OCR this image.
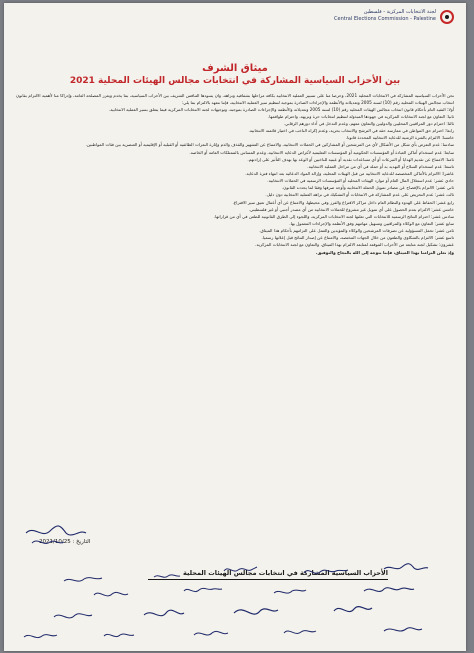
لجنة الانتخابات المركزية - فلسطين
Central Elections Commission - Palestine
ميثاق الشرف
بين الأحزاب السياسية المشاركة في انتخابات مجالس الهيئات المحلية 2021

نحن الأحزاب السياسية المشاركة في الانتخابات المحلية 2021، وحرصا منا على تسيير العملية الانتخابية بكافة مراحلها بشفافية ونزاهة، وان يسودها التنافس الشريف بين الأحزاب السياسية، بما يخدم ويعزز المصلحة العامة، وإدراكا منا لأهمية الالتزام بقانون انتخاب مجالس الهيئات المحلية رقم (10) لسنة 2005 وتعديلاته والأنظمة والإجراءات الصادرة بموجبه لتنظيم سير العملية الانتخابية، فإننا نتعهد بالالتزام بما يلي:

أولا: التقيد التام بأحكام قانون انتخاب مجالس الهيئات المحلية رقم (10) لسنة 2005 وتعديلاته والأنظمة والإجراءات الصادرة بموجبه، وتوجيهات لجنة الانتخابات المركزية فيما يتعلق بسير العملية الانتخابية.

ثانيا: التعاون مع لجنة الانتخابات المركزية في جهودها المبذولة لتنظيم انتخابات حرة ونزيهة، واحترام طواقمها.

ثالثا: احترام دور المراقبين المحليين والدوليين والتعاون معهم، وعدم التدخل في أداء دورهم الرقابي.

رابعا: احترام حق المواطن في ممارسة حقه في الترشح والانتخاب بحرية، وعدم إكراه الناخب في اختيار قائمته الانتخابية.

خامسا: الالتزام بالفترة الزمنية للدعاية الانتخابية المحددة قانونا.

سادسا: عدم التعرض بأي شكل من الأشكال لأي من المرشحين أو المشاركين في الحملات الانتخابية، والامتناع عن التشهير والقذف والذم وإثارة النعرات الطائفية أو القبلية أو الإقليمية أو العنصرية بين فئات المواطنين.

سابعا: عدم استخدام أماكن العبادة أو المؤسسات الحكومية أو المؤسسات التعليمية لأغراض الدعاية الانتخابية، وعدم المساس بالممتلكات العامة أو الخاصة.

ثامنا: الامتناع عن تقديم الهدايا أو التبرعات أو أي مساعدات نقدية أو عينية للناخبين أو الوعد بها بهدف التأثير على إرادتهم.

تاسعا: عدم استخدام السلاح أو التهديد به أو حمله في أي من مراحل العملية الانتخابية.

عاشرا: الالتزام بالأماكن المخصصة للدعاية الانتخابية من قبل الهيئات المحلية، وإزالة المواد الدعائية بعد انتهاء فترة الدعاية.

حادي عشر: عدم استغلال المال العام أو موارد الهيئات المحلية أو المؤسسات الرسمية في الحملات الانتخابية.

ثاني عشر: الالتزام بالإفصاح عن مصادر تمويل الحملة الانتخابية وأوجه صرفها وفقا لما يحدده القانون.

ثالث عشر: عدم التحريض على عدم المشاركة في الانتخابات أو التشكيك في نزاهة العملية الانتخابية دون دليل.

رابع عشر: الحفاظ على الهدوء والنظام العام داخل مراكز الاقتراع والفرز وفي محيطها، والامتناع عن أي أعمال تعيق سير الاقتراع.

خامس عشر: الالتزام بعدم الحصول على أي تمويل غير مشروع للحملات الانتخابية من أي مصدر أجنبي أو غير فلسطيني.

سادس عشر: احترام النتائج الرسمية للانتخابات التي تعلنها لجنة الانتخابات المركزية، واللجوء إلى الطرق القانونية للطعن في أي من قراراتها.

سابع عشر: التعاون مع الوكلاء والمراقبين وتسهيل مهامهم وفق الأنظمة والإجراءات المعمول بها.

ثامن عشر: تحمل المسؤولية عن تصرفات المرشحين والوكلاء والمؤيدين والعمل على التزامهم بأحكام هذا الميثاق.

تاسع عشر: الالتزام بالشكاوى والطعون من خلال الجهات المختصة، والامتناع عن إصدار النتائج قبل إعلانها رسميا.

عشرون: تشكيل لجنة متابعة من الأحزاب الموقعة لمتابعة الالتزام بهذا الميثاق، والتعاون مع لجنة الانتخابات المركزية.

وإذ نعلن التزامنا بهذا الميثاق، فإننا نتوجه إلى الله بالنجاح والتوفيق.

التاريخ : 2021/10/25
الأحزاب السياسية المشاركة في انتخابات مجالس الهيئات المحلية
